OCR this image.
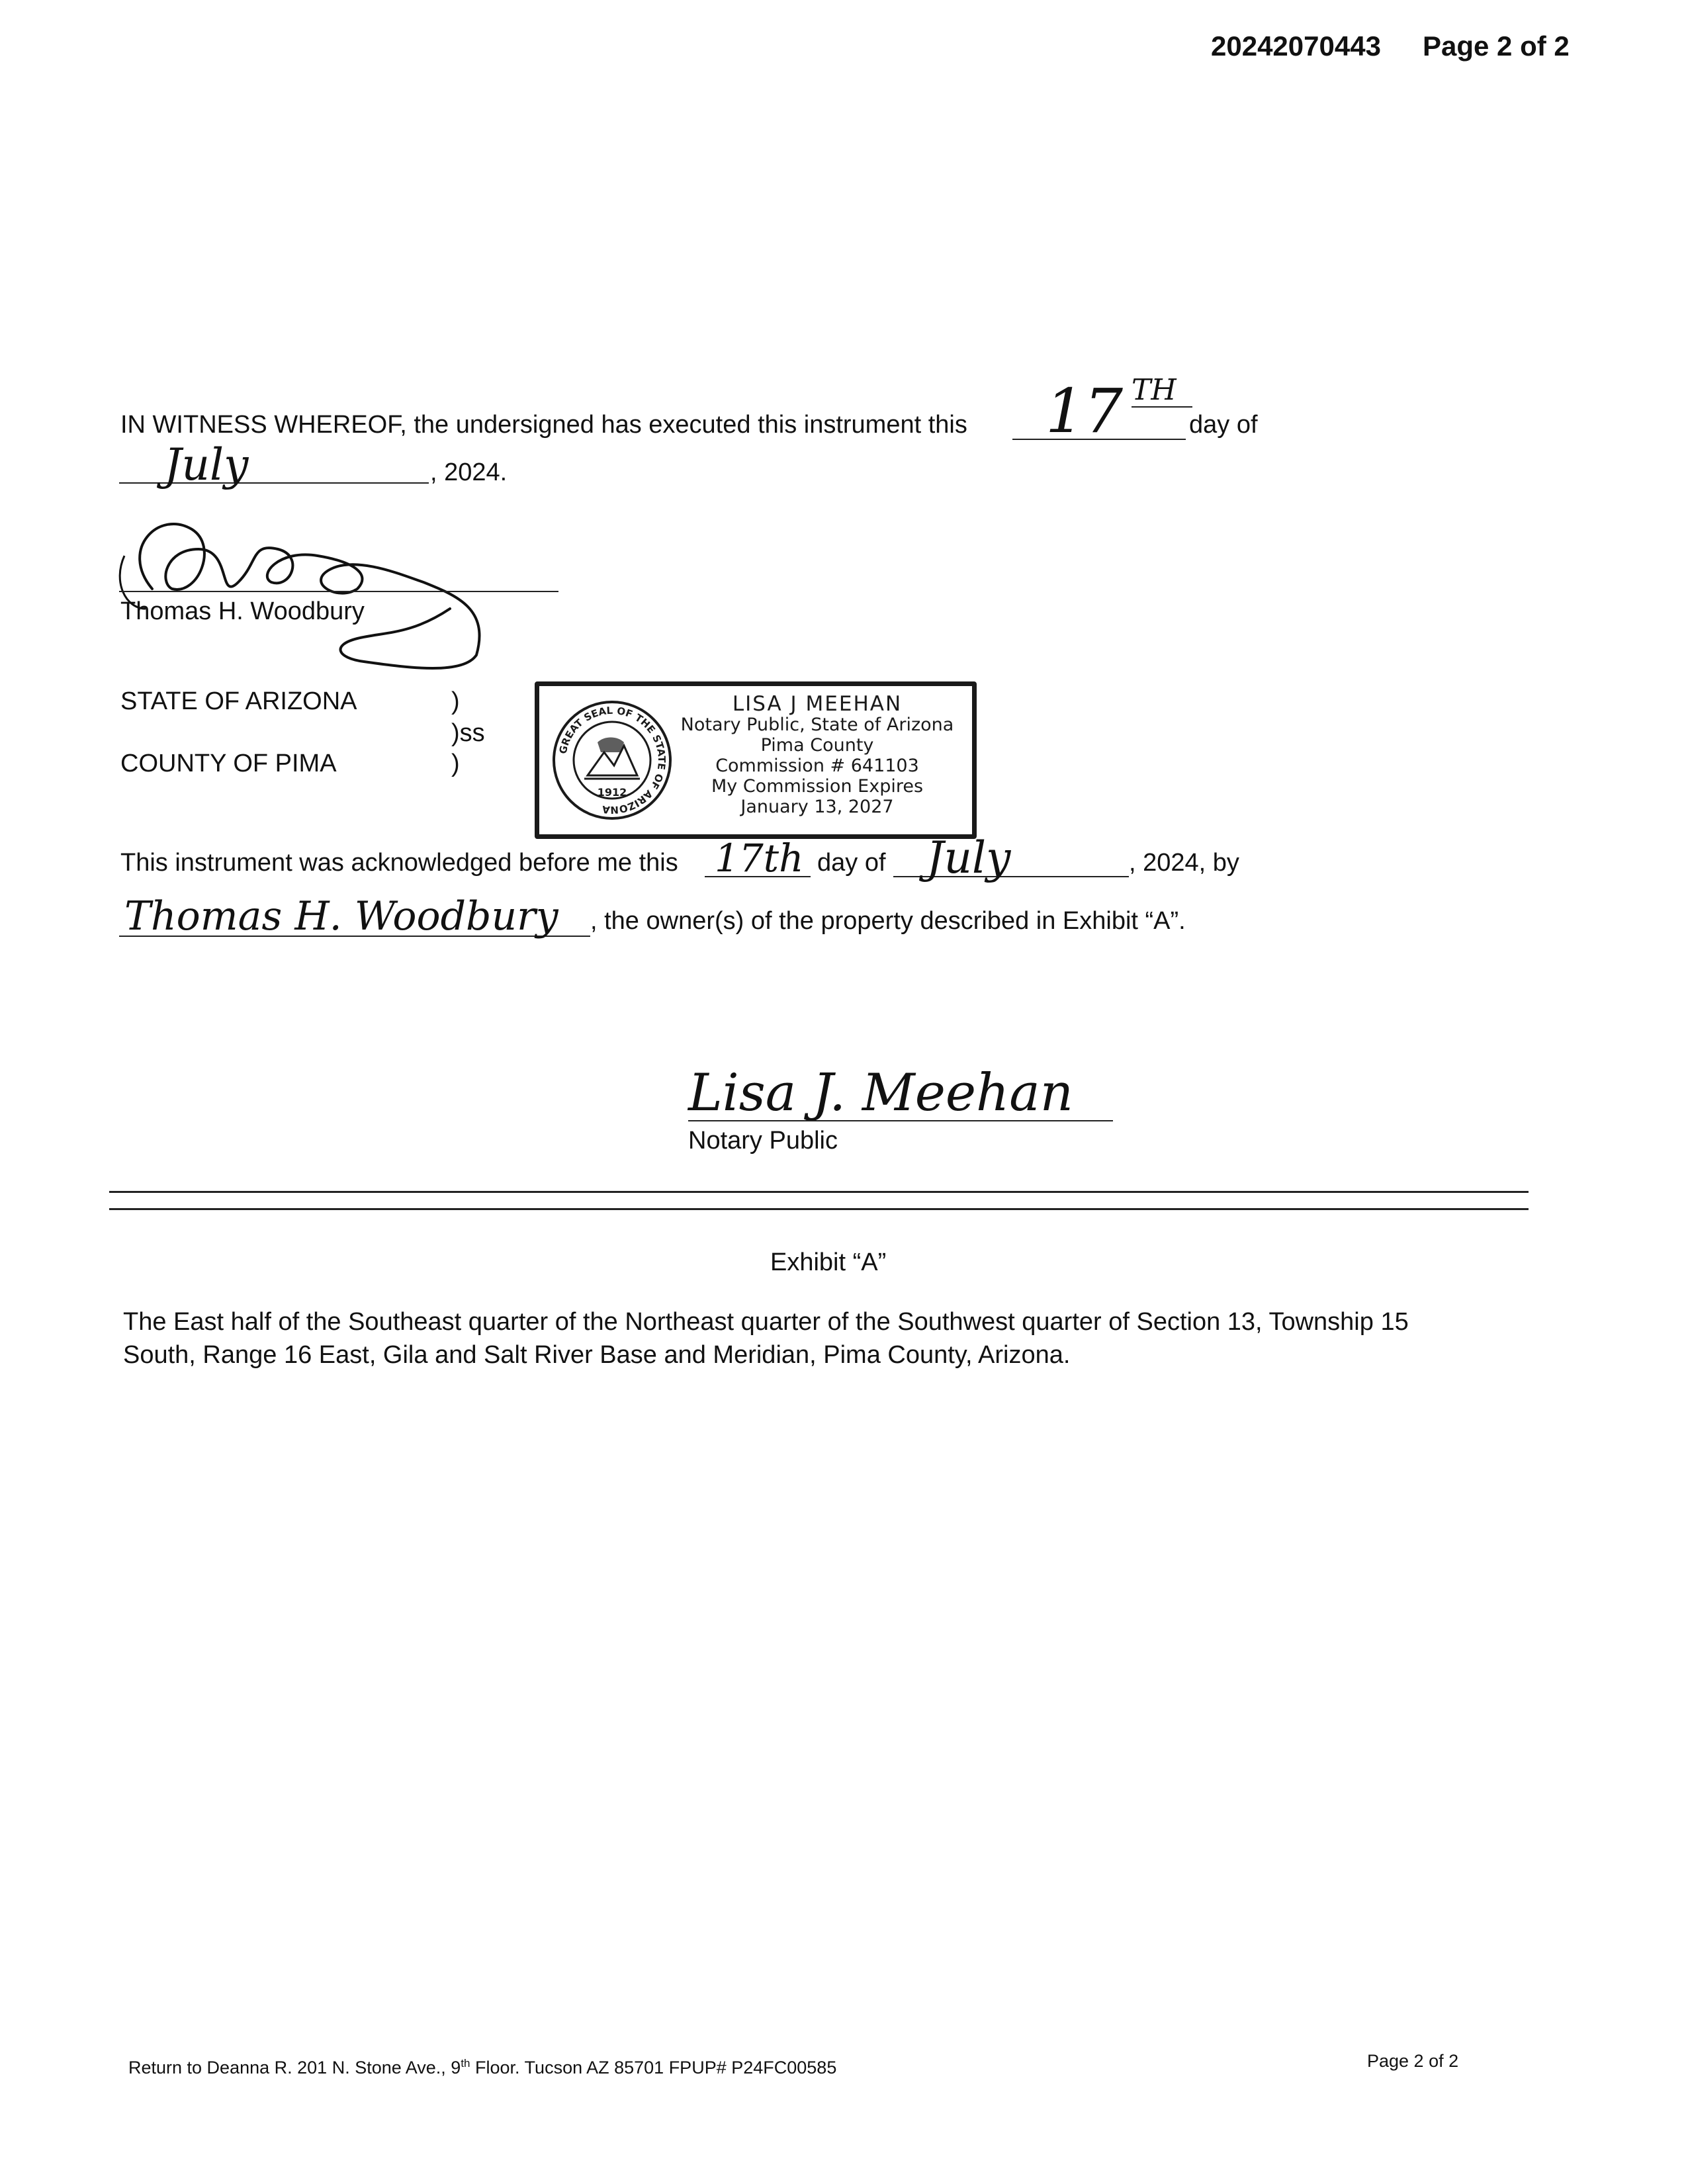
20242070443 Page 2 of 2
IN WITNESS WHEREOF, the undersigned has executed this instrument this 17 TH
day of
July	, 2024.
Thomas H. Woodbury
STATE OF ARIZONA	)
)ss
COUNTY OF PIMA	)	GREAT SEAL OF THE STATE OF ARIZONA
1912
LISA J MEEHAN
Notary Public, State of Arizona
Pima County
Commission # 641103
My Commission Expires
January 13, 2027
This instrument was acknowledged before me this 17th day of July	, 2024, by
Thomas H. Woodbury , the owner(s) of the property described in Exhibit “A”.
Lisa J. Meehan
Notary Public
Exhibit “A”
The East half of the Southeast quarter of the Northeast quarter of the Southwest quarter of Section 13, Township 15
South, Range 16 East, Gila and Salt River Base and Meridian, Pima County, Arizona.
Return to Deanna R. 201 N. Stone Ave., 9th Floor. Tucson AZ 85701 FPUP# P24FC00585	Page 2 of 2
